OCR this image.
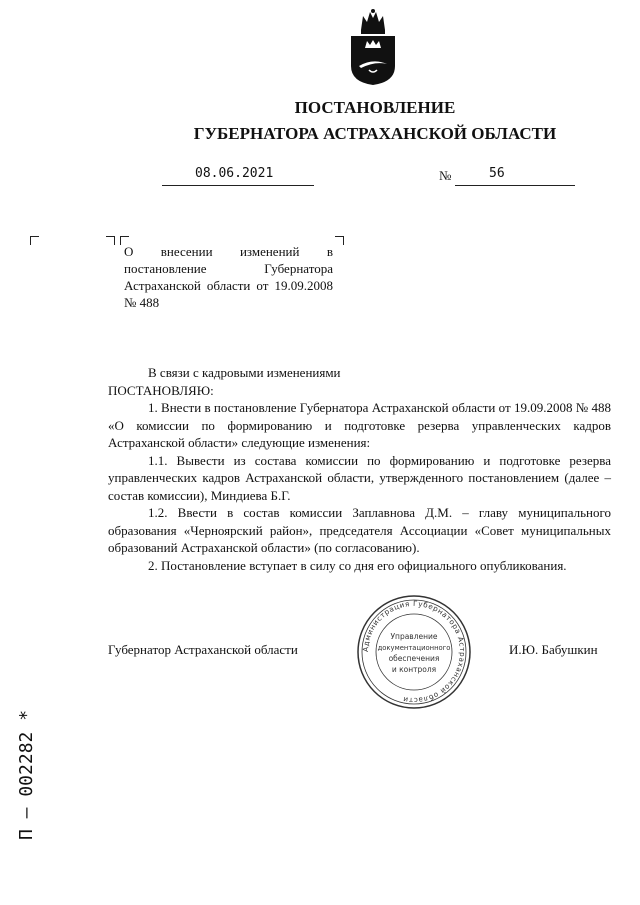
ПОСТАНОВЛЕНИЕ
ГУБЕРНАТОРА АСТРАХАНСКОЙ ОБЛАСТИ
08.06.2021	№	56
О внесении изменений в постановление Губернатора Астраханской области от 19.09.2008 № 488

В связи с кадровыми изменениями

ПОСТАНОВЛЯЮ:

1. Внести в постановление Губернатора Астраханской области от 19.09.2008 № 488 «О комиссии по формированию и подготовке резерва управленческих кадров Астраханской области» следующие изменения:

1.1. Вывести из состава комиссии по формированию и подготовке резерва управленческих кадров Астраханской области, утвержденного постановлением (далее – состав комиссии), Миндиева Б.Г.

1.2. Ввести в состав комиссии Заплавнова Д.М. – главу муниципального образования «Черноярский район», председателя Ассоциации «Совет муниципальных образований Астраханской области» (по согласованию).

2. Постановление вступает в силу со дня его официального опубликования.

Губернатор Астраханской области	И.Ю. Бабушкин
Администрация Губернатора Астраханской области
Управление
документационного
обеспечения
и контроля
П – 002282 *
